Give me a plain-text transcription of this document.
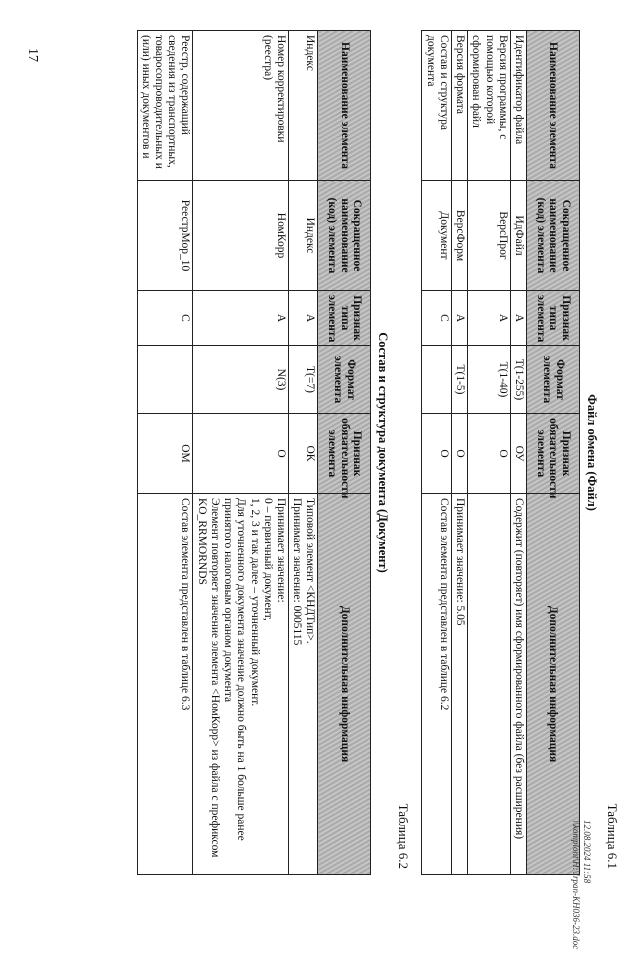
17
Таблица 6.1
Файл обмена (Файл)
Наименование элемента	Сокращенное наименование (код) элемента	Признак типа элемента	Формат элемента	Признак обязательности элемента	Дополнительная информация
Идентификатор файла	ИдФайл	А	Т(1-255)	ОУ	Содержит (повторяет) имя сформированного файла (без расширения)
Версия программы, с помощью которой сформирован файл	ВерсПрог	А	Т(1-40)	О	
Версия формата	ВерсФорм	А	Т(1-5)	О	Принимает значение: 5.05
Состав и структура документа	Документ	С		О	Состав элемента представлен в таблице 6.2
Таблица 6.2
Состав и структура документа (Документ)
Наименование элемента	Сокращенное наименование (код) элемента	Признак типа элемента	Формат элемента	Признак обязательности элемента	Дополнительная информация
Индекс	Индекс	А	Т(=7)	ОК	Типовой элемент <КНДТип>.
Принимает значение: 0005115
Номер корректировки (реестра)	НомКорр	А	N(3)	О	Принимает значение:
0 – первичный документ,
1, 2, 3 и так далее – уточненный документ.
Для уточненного документа значение должно быть на 1 больше ранее принятого налоговым органом документа
Элемент повторяет значение элемента <НомКорр> из файла с префиксом KO_RRMORNDS
Реестр, содержащий сведения из транспортных, товаросопроводительных и (или) иных документов и	РеестрМор_10	С		ОМ	Состав элемента представлен в таблице 6.3
12.08.2024 11:58
\\komplont\H:\Irpan-KH036-23.doc
